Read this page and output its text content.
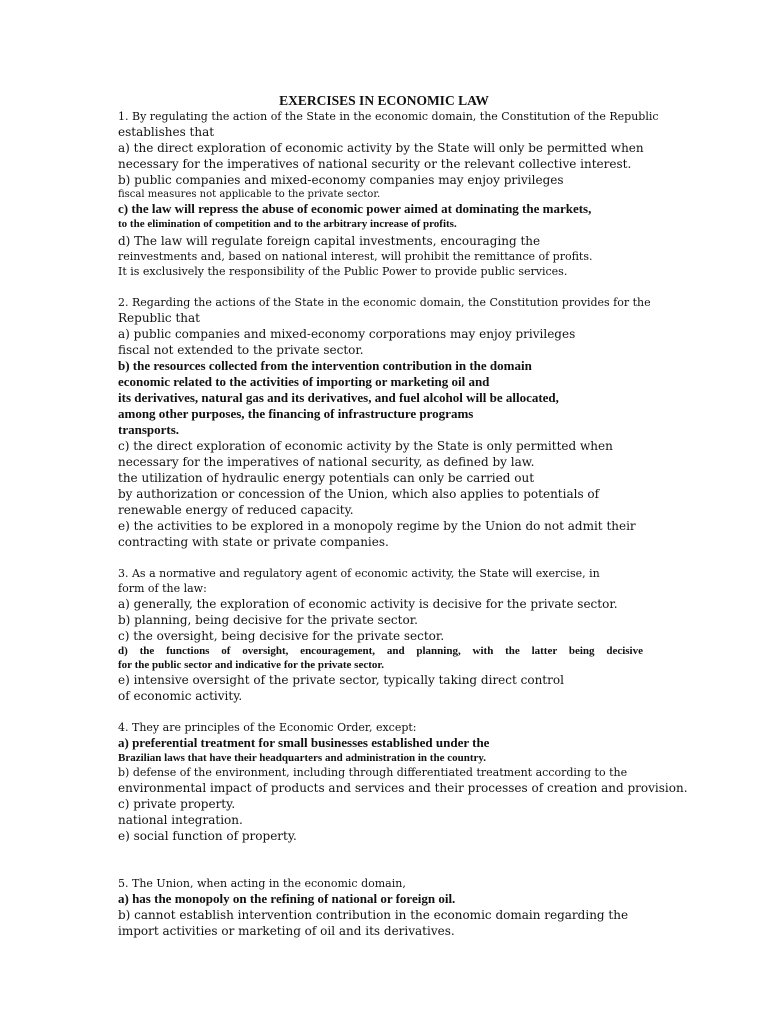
EXERCISES IN ECONOMIC LAW

1. By regulating the action of the State in the economic domain, the Constitution of the Republic

establishes that

a) the direct exploration of economic activity by the State will only be permitted when

necessary for the imperatives of national security or the relevant collective interest.

b) public companies and mixed-economy companies may enjoy privileges

fiscal measures not applicable to the private sector.

c) the law will repress the abuse of economic power aimed at dominating the markets,

to the elimination of competition and to the arbitrary increase of profits.

d) The law will regulate foreign capital investments, encouraging the

reinvestments and, based on national interest, will prohibit the remittance of profits.

It is exclusively the responsibility of the Public Power to provide public services.

2. Regarding the actions of the State in the economic domain, the Constitution provides for the

Republic that

a) public companies and mixed-economy corporations may enjoy privileges

fiscal not extended to the private sector.

b) the resources collected from the intervention contribution in the domain

economic related to the activities of importing or marketing oil and

its derivatives, natural gas and its derivatives, and fuel alcohol will be allocated,

among other purposes, the financing of infrastructure programs

transports.

c) the direct exploration of economic activity by the State is only permitted when

necessary for the imperatives of national security, as defined by law.

the utilization of hydraulic energy potentials can only be carried out

by authorization or concession of the Union, which also applies to potentials of

renewable energy of reduced capacity.

e) the activities to be explored in a monopoly regime by the Union do not admit their

contracting with state or private companies.

3. As a normative and regulatory agent of economic activity, the State will exercise, in

form of the law:

a) generally, the exploration of economic activity is decisive for the private sector.

b) planning, being decisive for the private sector.

c) the oversight, being decisive for the private sector.

d) the functions of oversight, encouragement, and planning, with the latter being decisive

for the public sector and indicative for the private sector.

e) intensive oversight of the private sector, typically taking direct control

of economic activity.

4. They are principles of the Economic Order, except:

a) preferential treatment for small businesses established under the

Brazilian laws that have their headquarters and administration in the country.

b) defense of the environment, including through differentiated treatment according to the

environmental impact of products and services and their processes of creation and provision.

c) private property.

national integration.

e) social function of property.

5. The Union, when acting in the economic domain,

a) has the monopoly on the refining of national or foreign oil.

b) cannot establish intervention contribution in the economic domain regarding the

import activities or marketing of oil and its derivatives.
